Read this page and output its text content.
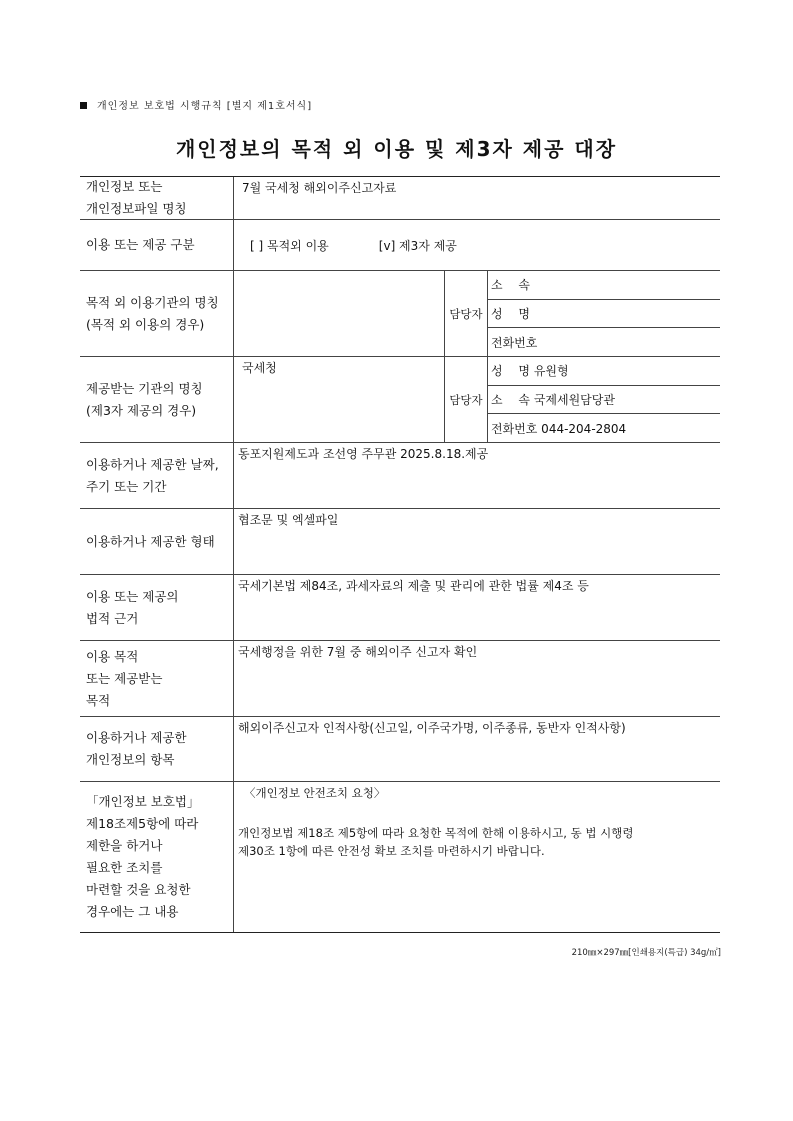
개인정보 보호법 시행규칙 [별지 제1호서식]
개인정보의 목적 외 이용 및 제3자 제공 대장
개인정보 또는
개인정보파일 명칭
7월 국세청 해외이주신고자료
이용 또는 제공 구분	[ ] 목적외 이용	[v] 제3자 제공
목적 외 이용기관의 명칭
(목적 외 이용의 경우)
담당자
소　 속
성　 명
전화번호
제공받는 기관의 명칭
(제3자 제공의 경우)
국세청
담당자
성　 명 유원형
소　 속 국제세원담당관
전화번호 044-204-2804
이용하거나 제공한 날짜,
주기 또는 기간
동포지원제도과 조선영 주무관 2025.8.18.제공
이용하거나 제공한 형태
협조문 및 엑셀파일
이용 또는 제공의
법적 근거
국세기본법 제84조, 과세자료의 제출 및 관리에 관한 법률 제4조 등
이용 목적
또는 제공받는
목적
국세행정을 위한 7월 중 해외이주 신고자 확인
이용하거나 제공한
개인정보의 항목
해외이주신고자 인적사항(신고일, 이주국가명, 이주종류, 동반자 인적사항)
「개인정보 보호법」
제18조제5항에 따라
제한을 하거나
필요한 조치를
마련할 것을 요청한
경우에는 그 내용
〈개인정보 안전조치 요청〉
개인정보법 제18조 제5항에 따라 요청한 목적에 한해 이용하시고, 동 법 시행령
제30조 1항에 따른 안전성 확보 조치를 마련하시기 바랍니다.
210㎜×297㎜[인쇄용지(특급) 34g/㎡]
